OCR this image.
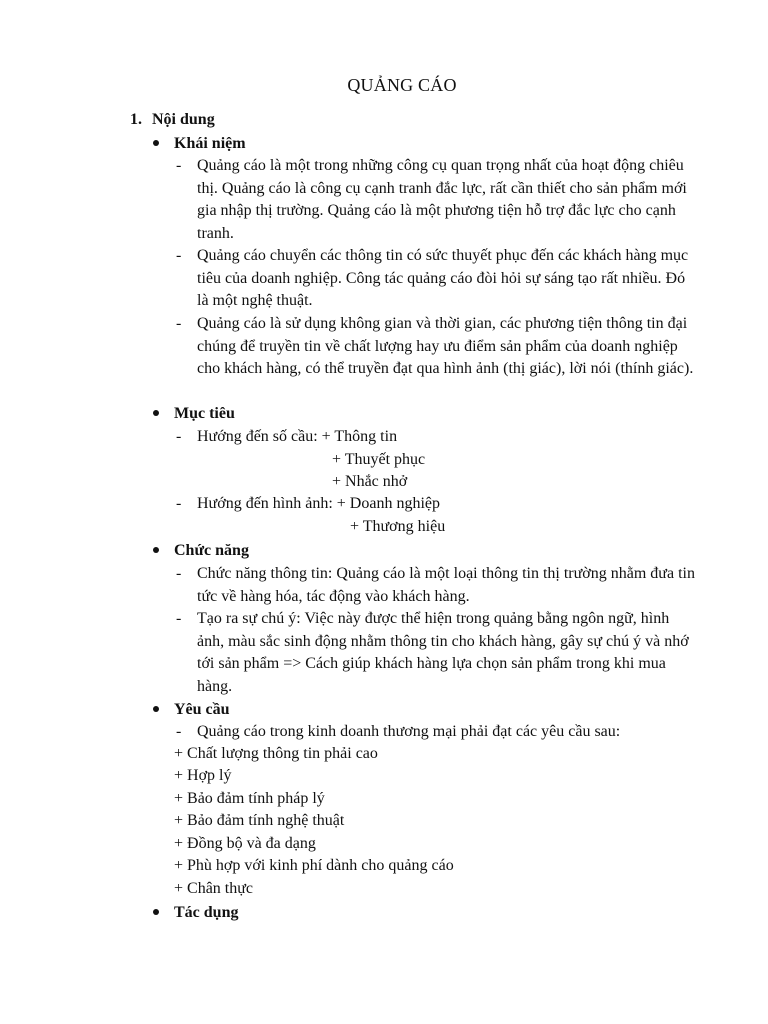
QUẢNG CÁO
1. Nội dung
Khái niệm
- Quảng cáo là một trong những công cụ quan trọng nhất của hoạt động chiêu thị. Quảng cáo là công cụ cạnh tranh đắc lực, rất cần thiết cho sản phẩm mới gia nhập thị trường. Quảng cáo là một phương tiện hỗ trợ đắc lực cho cạnh tranh.
- Quảng cáo chuyển các thông tin có sức thuyết phục đến các khách hàng mục tiêu của doanh nghiệp. Công tác quảng cáo đòi hỏi sự sáng tạo rất nhiều. Đó là một nghệ thuật.
- Quảng cáo là sử dụng không gian và thời gian, các phương tiện thông tin đại chúng để truyền tin về chất lượng hay ưu điểm sản phẩm của doanh nghiệp cho khách hàng, có thể truyền đạt qua hình ảnh (thị giác), lời nói (thính giác).
Mục tiêu
- Hướng đến số cầu: + Thông tin
+ Thuyết phục
+ Nhắc nhở
- Hướng đến hình ảnh: + Doanh nghiệp
+ Thương hiệu
Chức năng
- Chức năng thông tin: Quảng cáo là một loại thông tin thị trường nhằm đưa tin tức về hàng hóa, tác động vào khách hàng.
- Tạo ra sự chú ý: Việc này được thể hiện trong quảng bằng ngôn ngữ, hình ảnh, màu sắc sinh động nhằm thông tin cho khách hàng, gây sự chú ý và nhớ tới sản phẩm => Cách giúp khách hàng lựa chọn sản phẩm trong khi mua hàng.
Yêu cầu
- Quảng cáo trong kinh doanh thương mại phải đạt các yêu cầu sau:
+ Chất lượng thông tin phải cao
+ Hợp lý
+ Bảo đảm tính pháp lý
+ Bảo đảm tính nghệ thuật
+ Đồng bộ và đa dạng
+ Phù hợp với kinh phí dành cho quảng cáo
+ Chân thực
Tác dụng
